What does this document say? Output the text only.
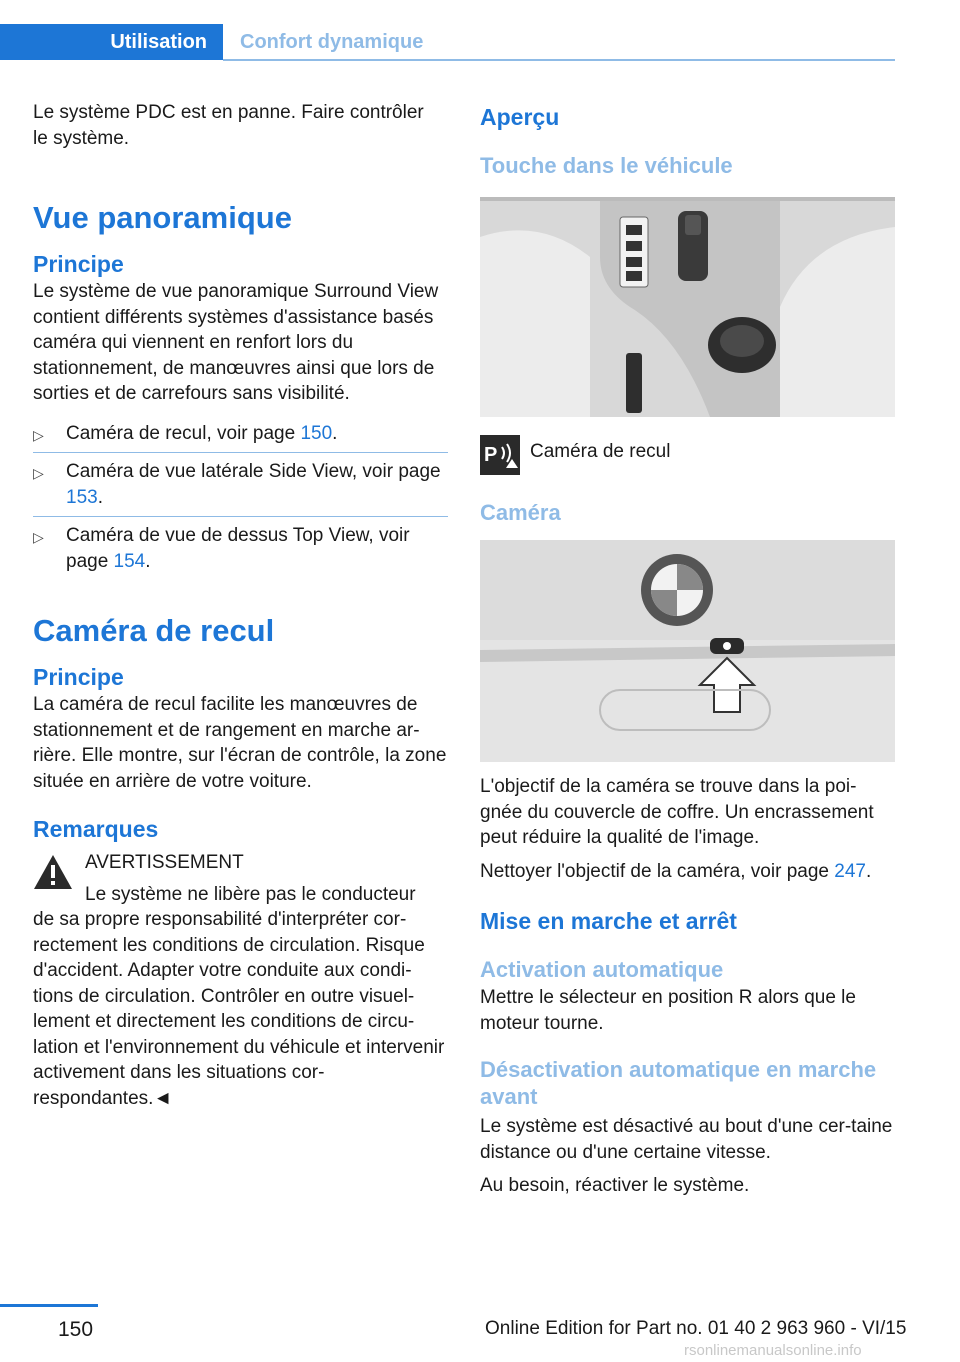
Utilisation	Confort dynamique

Le système PDC est en panne. Faire contrôler le système.

Vue panoramique
Principe

Le système de vue panoramique Surround View contient différents systèmes d'assistance basés caméra qui viennent en renfort lors du stationnement, de manœuvres ainsi que lors de sorties et de carrefours sans visibilité.

▷ Caméra de recul, voir page 150.
▷ Caméra de vue latérale Side View, voir page 153.
▷ Caméra de vue de dessus Top View, voir page 154.
Caméra de recul
Principe

La caméra de recul facilite les manœuvres de stationnement et de rangement en marche ar‐rière. Elle montre, sur l'écran de contrôle, la zone située en arrière de votre voiture.

Remarques

AVERTISSEMENT

Le système ne libère pas le conducteur

de sa propre responsabilité d'interpréter cor‐rectement les conditions de circulation. Risque d'accident. Adapter votre conduite aux condi‐tions de circulation. Contrôler en outre visuel‐lement et directement les conditions de circu‐lation et l'environnement du véhicule et intervenir activement dans les situations cor‐respondantes.◄

Aperçu
Touche dans le véhicule
P Caméra de recul

Caméra

L'objectif de la caméra se trouve dans la poi‐gnée du couvercle de coffre. Un encrassement peut réduire la qualité de l'image.

Nettoyer l'objectif de la caméra, voir page 247.

Mise en marche et arrêt
Activation automatique

Mettre le sélecteur en position R alors que le moteur tourne.

Désactivation automatique en marche avant

Le système est désactivé au bout d'une cer‐taine distance ou d'une certaine vitesse.

Au besoin, réactiver le système.

150	Online Edition for Part no. 01 40 2 963 960 - VI/15
rsonlinemanualsonline.info
